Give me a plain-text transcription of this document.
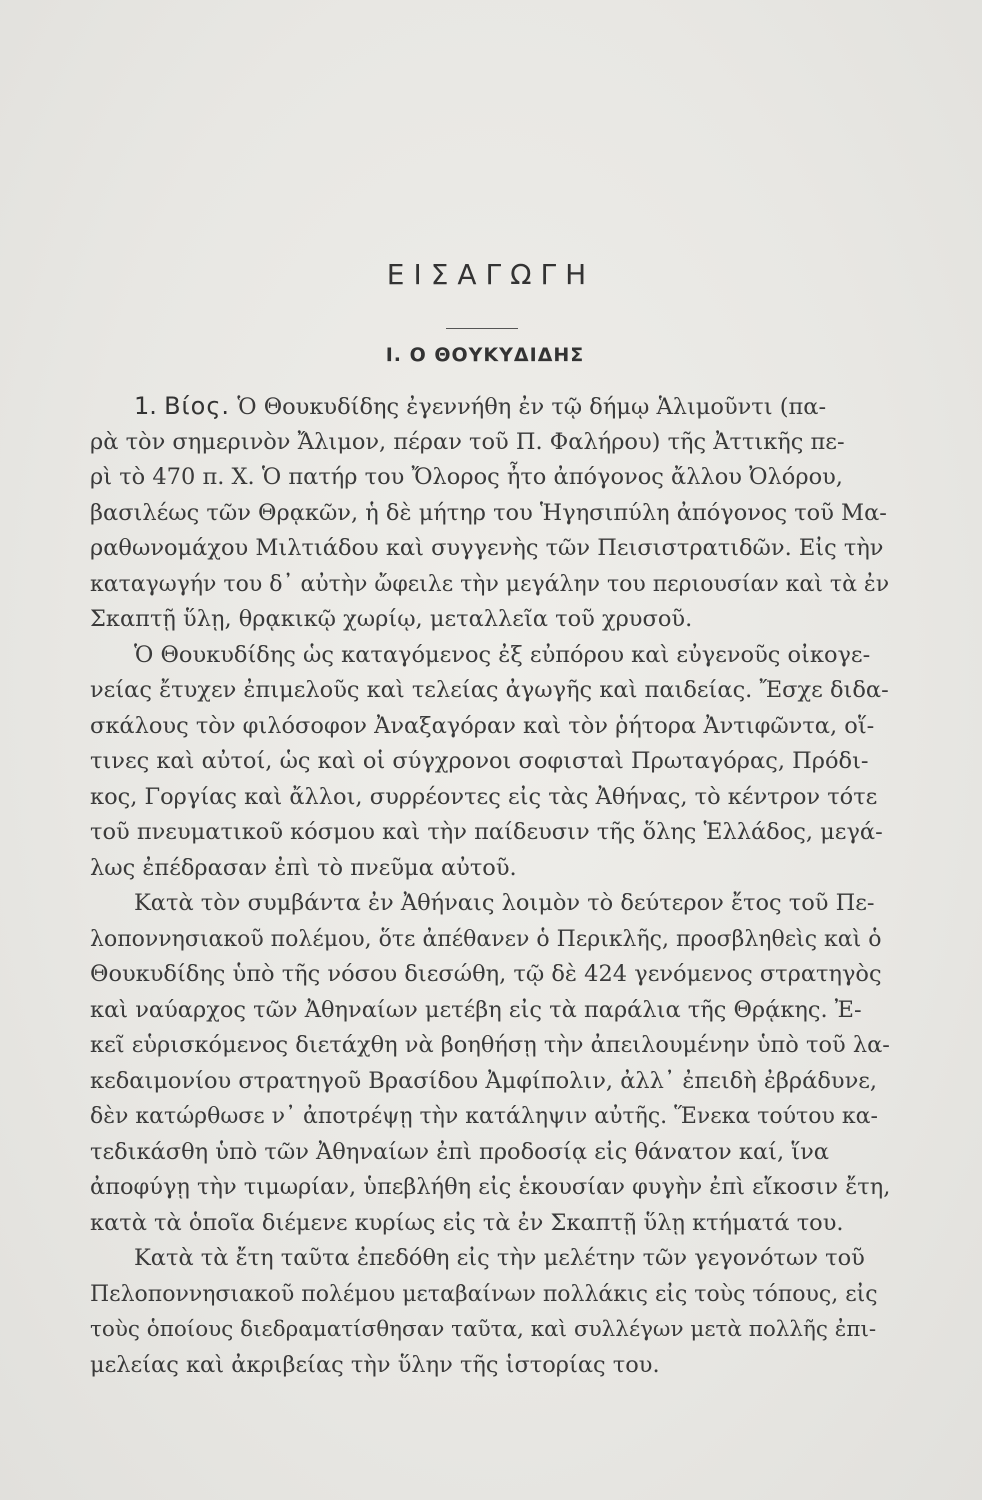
ΕΙΣΑΓΩΓΗ
Ι. Ο ΘΟΥΚΥΔΙΔΗΣ
1. Βίος. Ὁ Θουκυδίδης ἐγεννήθη ἐν τῷ δήμῳ Ἁλιμοῦντι (πα-
ρὰ τὸν σημερινὸν Ἄλιμον, πέραν τοῦ Π. Φαλήρου) τῆς Ἀττικῆς πε-
ρὶ τὸ 470 π. Χ. Ὁ πατήρ του Ὄλορος ἦτο ἀπόγονος ἄλλου Ὀλόρου,
βασιλέως τῶν Θρᾳκῶν, ἡ δὲ μήτηρ του Ἡγησιπύλη ἀπόγονος τοῦ Μα-
ραθωνομάχου Μιλτιάδου καὶ συγγενὴς τῶν Πεισιστρατιδῶν. Εἰς τὴν
καταγωγήν του δ᾽ αὐτὴν ὤφειλε τὴν μεγάλην του περιουσίαν καὶ τὰ ἐν
Σκαπτῇ ὕλῃ, θρᾳκικῷ χωρίῳ, μεταλλεῖα τοῦ χρυσοῦ.
Ὁ Θουκυδίδης ὡς καταγόμενος ἐξ εὐπόρου καὶ εὐγενοῦς οἰκογε-
νείας ἔτυχεν ἐπιμελοῦς καὶ τελείας ἀγωγῆς καὶ παιδείας. Ἔσχε διδα-
σκάλους τὸν φιλόσοφον Ἀναξαγόραν καὶ τὸν ῥήτορα Ἀντιφῶντα, οἵ-
τινες καὶ αὐτοί, ὡς καὶ οἱ σύγχρονοι σοφισταὶ Πρωταγόρας, Πρόδι-
κος, Γοργίας καὶ ἄλλοι, συρρέοντες εἰς τὰς Ἀθήνας, τὸ κέντρον τότε
τοῦ πνευματικοῦ κόσμου καὶ τὴν παίδευσιν τῆς ὅλης Ἑλλάδος, μεγά-
λως ἐπέδρασαν ἐπὶ τὸ πνεῦμα αὐτοῦ.
Κατὰ τὸν συμβάντα ἐν Ἀθήναις λοιμὸν τὸ δεύτερον ἔτος τοῦ Πε-
λοποννησιακοῦ πολέμου, ὅτε ἀπέθανεν ὁ Περικλῆς, προσβληθεὶς καὶ ὁ
Θουκυδίδης ὑπὸ τῆς νόσου διεσώθη, τῷ δὲ 424 γενόμενος στρατηγὸς
καὶ ναύαρχος τῶν Ἀθηναίων μετέβη εἰς τὰ παράλια τῆς Θρᾴκης. Ἐ-
κεῖ εὑρισκόμενος διετάχθη νὰ βοηθήσῃ τὴν ἀπειλουμένην ὑπὸ τοῦ λα-
κεδαιμονίου στρατηγοῦ Βρασίδου Ἀμφίπολιν, ἀλλ᾽ ἐπειδὴ ἐβράδυνε,
δὲν κατώρθωσε ν᾽ ἀποτρέψῃ τὴν κατάληψιν αὐτῆς. Ἕνεκα τούτου κα-
τεδικάσθη ὑπὸ τῶν Ἀθηναίων ἐπὶ προδοσίᾳ εἰς θάνατον καί, ἵνα
ἀποφύγῃ τὴν τιμωρίαν, ὑπεβλήθη εἰς ἑκουσίαν φυγὴν ἐπὶ εἴκοσιν ἔτη,
κατὰ τὰ ὁποῖα διέμενε κυρίως εἰς τὰ ἐν Σκαπτῇ ὕλῃ κτήματά του.
Κατὰ τὰ ἔτη ταῦτα ἐπεδόθη εἰς τὴν μελέτην τῶν γεγονότων τοῦ
Πελοποννησιακοῦ πολέμου μεταβαίνων πολλάκις εἰς τοὺς τόπους, εἰς
τοὺς ὁποίους διεδραματίσθησαν ταῦτα, καὶ συλλέγων μετὰ πολλῆς ἐπι-
μελείας καὶ ἀκριβείας τὴν ὕλην τῆς ἱστορίας του.
